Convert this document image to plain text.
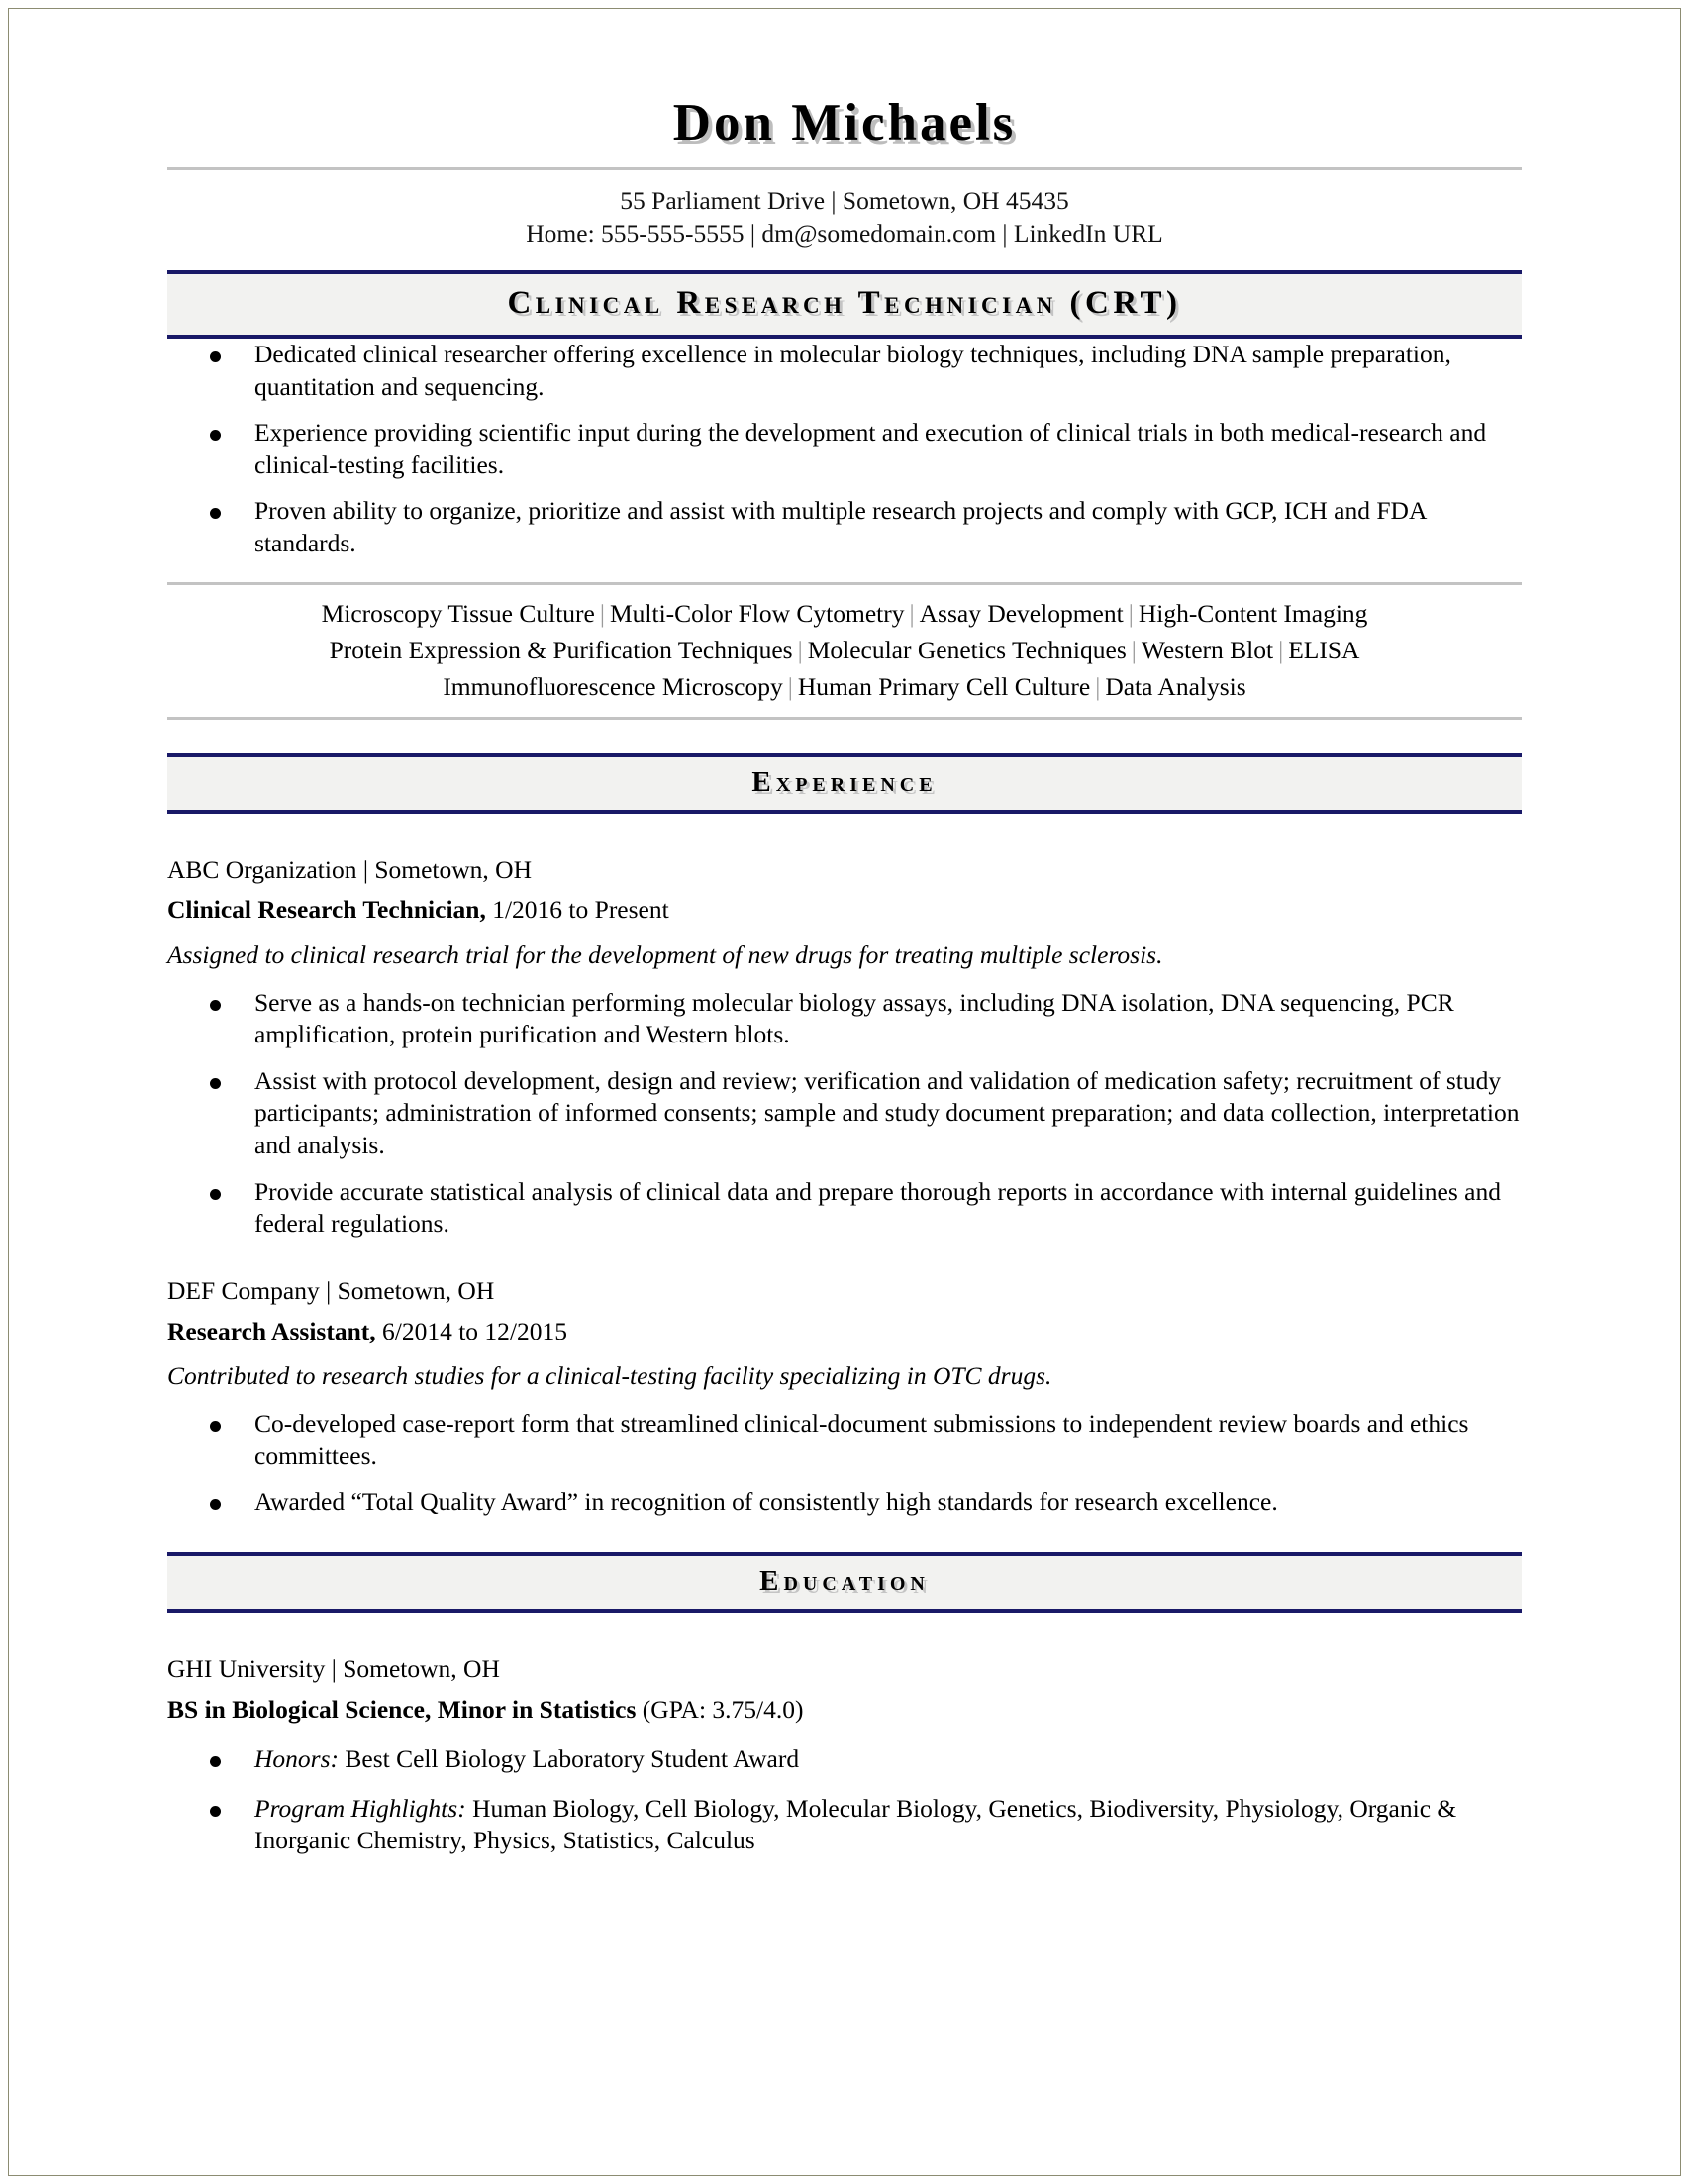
Don Michaels
55 Parliament Drive | Sometown, OH 45435
Home: 555-555-5555 | dm@somedomain.com | LinkedIn URL
Clinical Research Technician (CRT)
Dedicated clinical researcher offering excellence in molecular biology techniques, including DNA sample preparation, quantitation and sequencing.
Experience providing scientific input during the development and execution of clinical trials in both medical-research and clinical-testing facilities.
Proven ability to organize, prioritize and assist with multiple research projects and comply with GCP, ICH and FDA standards.
Microscopy Tissue Culture | Multi-Color Flow Cytometry | Assay Development | High-Content Imaging
Protein Expression & Purification Techniques | Molecular Genetics Techniques | Western Blot | ELISA
Immunofluorescence Microscopy | Human Primary Cell Culture | Data Analysis
Experience
ABC Organization | Sometown, OH
Clinical Research Technician, 1/2016 to Present
Assigned to clinical research trial for the development of new drugs for treating multiple sclerosis.
Serve as a hands-on technician performing molecular biology assays, including DNA isolation, DNA sequencing, PCR amplification, protein purification and Western blots.
Assist with protocol development, design and review; verification and validation of medication safety; recruitment of study participants; administration of informed consents; sample and study document preparation; and data collection, interpretation and analysis.
Provide accurate statistical analysis of clinical data and prepare thorough reports in accordance with internal guidelines and federal regulations.
DEF Company | Sometown, OH
Research Assistant, 6/2014 to 12/2015
Contributed to research studies for a clinical-testing facility specializing in OTC drugs.
Co-developed case-report form that streamlined clinical-document submissions to independent review boards and ethics committees.
Awarded “Total Quality Award” in recognition of consistently high standards for research excellence.
Education
GHI University | Sometown, OH
BS in Biological Science, Minor in Statistics (GPA: 3.75/4.0)
Honors: Best Cell Biology Laboratory Student Award
Program Highlights: Human Biology, Cell Biology, Molecular Biology, Genetics, Biodiversity, Physiology, Organic & Inorganic Chemistry, Physics, Statistics, Calculus
